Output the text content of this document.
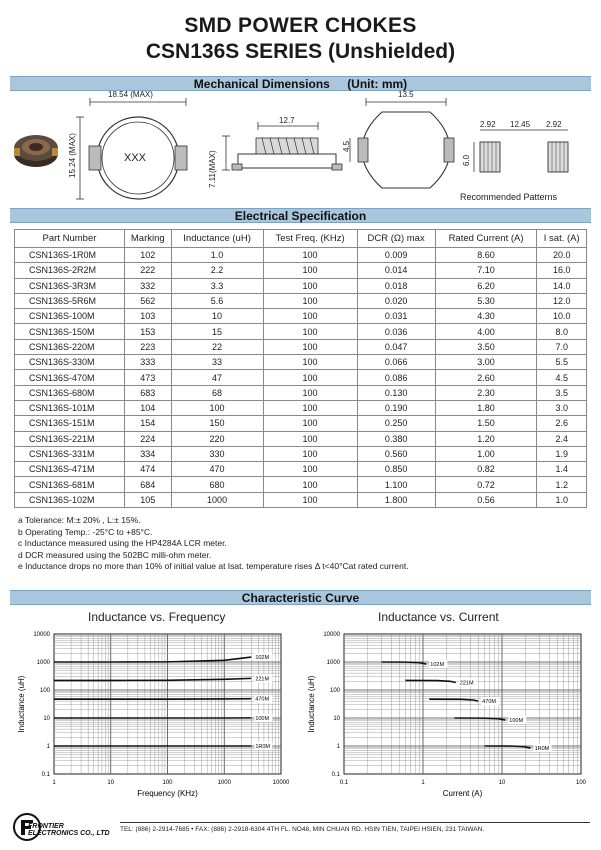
SMD POWER CHOKES
CSN136S SERIES (Unshielded)
Mechanical Dimensions (Unit: mm)
18.54 (MAX)
15.24 (MAX)	XXX
12.7
7.11(MAX)
4.5
13.5
2.92 12.45 2.92
6.0
Recommended Patterns
Electrical Specification
Part Number	Marking	Inductance (uH)	Test Freq. (KHz)	DCR (Ω) max	Rated Current (A)	I sat. (A)
CSN136S-1R0M	102	1.0	100	0.009	8.60	20.0
CSN136S-2R2M	222	2.2	100	0.014	7.10	16.0
CSN136S-3R3M	332	3.3	100	0.018	6.20	14.0
CSN136S-5R6M	562	5.6	100	0.020	5.30	12.0
CSN136S-100M	103	10	100	0.031	4.30	10.0
CSN136S-150M	153	15	100	0.036	4.00	8.0
CSN136S-220M	223	22	100	0.047	3.50	7.0
CSN136S-330M	333	33	100	0.066	3.00	5.5
CSN136S-470M	473	47	100	0.086	2.60	4.5
CSN136S-680M	683	68	100	0.130	2.30	3.5
CSN136S-101M	104	100	100	0.190	1.80	3.0
CSN136S-151M	154	150	100	0.250	1.50	2.6
CSN136S-221M	224	220	100	0.380	1.20	2.4
CSN136S-331M	334	330	100	0.560	1.00	1.9
CSN136S-471M	474	470	100	0.850	0.82	1.4
CSN136S-681M	684	680	100	1.100	0.72	1.2
CSN136S-102M	105	1000	100	1.800	0.56	1.0
a Tolerance: M:± 20% , L:± 15%.
b Operating Temp.: -25°C to +85°C.
c Inductance measured using the HP4284A LCR meter.
d DCR measured using the 502BC milli-ohm meter.
e Inductance drops no more than 10% of initial value at Isat. temperature rises Δ t<40°Cat rated current.
Characteristic Curve
Inductance vs. Frequency	Inductance vs. Current
1	10	100	1000	10000
0.1
1
10
100
1000
10000
Frequency (KHz)
Inductance (uH)
102M
221M
470M
100M
1R0M
0.1	1	10	100
0.1
1
10
100
1000
10000
Current (A)
Inductance (uH)
102M
221M
470M
100M
1R0M
FRONTIER
ELECTRONICS CO., LTD
TEL: (886) 2-2914-7685 • FAX: (886) 2-2918-6304 4TH FL. NO48, MIN CHUAN RD. HSIN TIEN, TAIPEI HSIEN, 231 TAIWAN.
